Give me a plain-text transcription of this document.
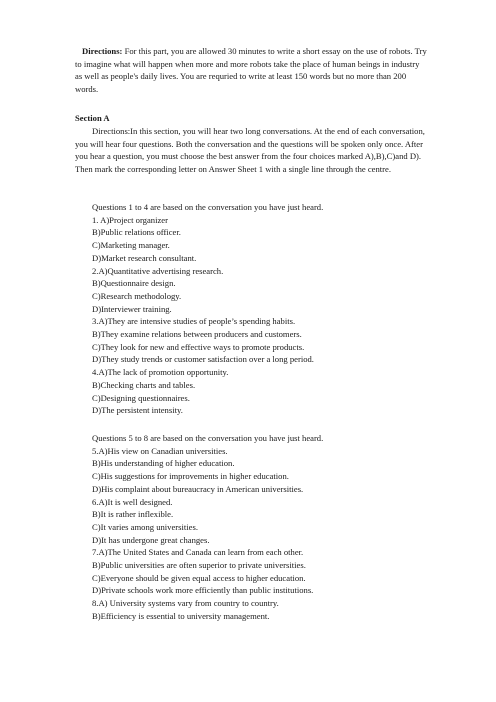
Directions: For this part, you are allowed 30 minutes to write a short essay on the use of robots. Try to imagine what will happen when more and more robots take the place of human beings in industry as well as people's daily lives. You are requried to write at least 150 words but no more than 200 words.

Section A

Directions:In this section, you will hear two long conversations. At the end of each conversation, you will hear four questions. Both the conversation and the questions will be spoken only once. After you hear a question, you must choose the best answer from the four choices marked A),B),C)and D). Then mark the corresponding letter on Answer Sheet 1 with a single line through the centre.

Questions 1 to 4 are based on the conversation you have just heard.

1. A)Project organizer

B)Public relations officer.

C)Marketing manager.

D)Market research consultant.

2.A)Quantitative advertising research.

B)Questionnaire design.

C)Research methodology.

D)Interviewer training.

3.A)They are intensive studies of people’s spending habits.

B)They examine relations between producers and customers.

C)They look for new and effective ways to promote products.

D)They study trends or customer satisfaction over a long period.

4.A)The lack of promotion opportunity.

B)Checking charts and tables.

C)Designing questionnaires.

D)The persistent intensity.

Questions 5 to 8 are based on the conversation you have just heard.

5.A)His view on Canadian universities.

B)His understanding of higher education.

C)His suggestions for improvements in higher education.

D)His complaint about bureaucracy in American universities.

6.A)It is well designed.

B)It is rather inflexible.

C)It varies among universities.

D)It has undergone great changes.

7.A)The United States and Canada can learn from each other.

B)Public universities are often superior to private universities.

C)Everyone should be given equal access to higher education.

D)Private schools work more efficiently than public institutions.

8.A) University systems vary from country to country.

B)Efficiency is essential to university management.
